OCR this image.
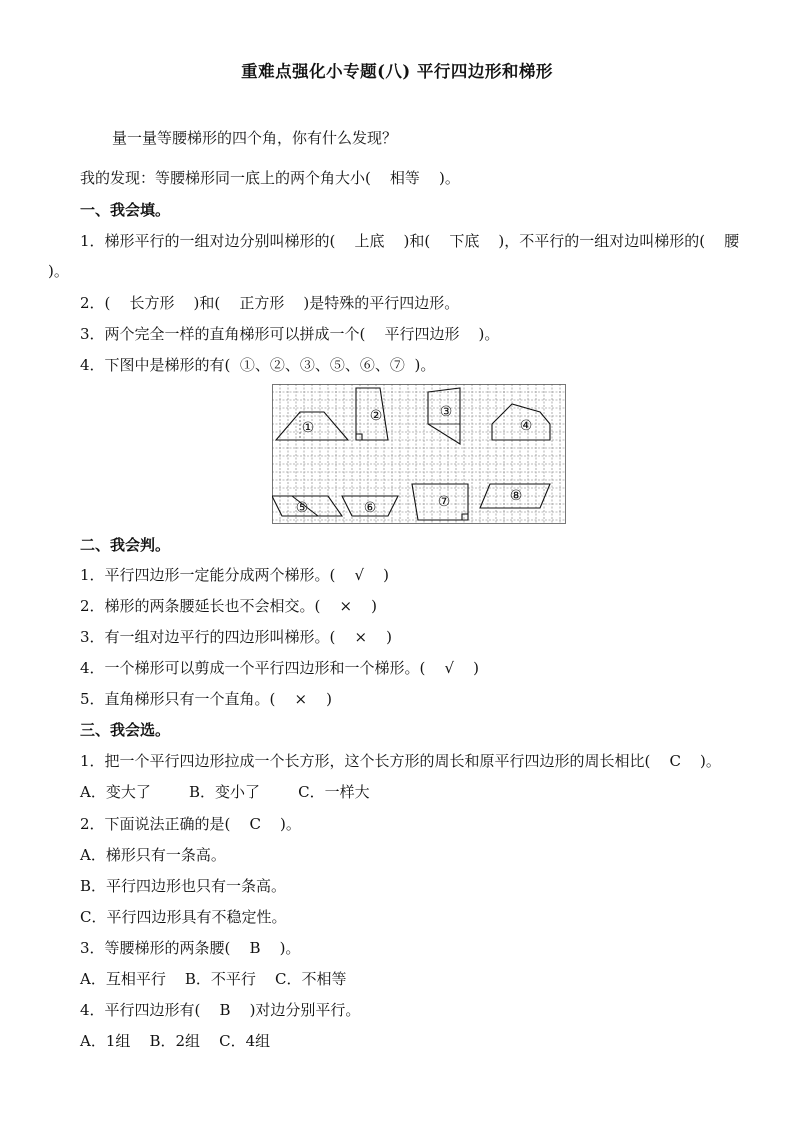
重难点强化小专题(八) 平行四边形和梯形
量一量等腰梯形的四个角，你有什么发现？
我的发现：等腰梯形同一底上的两个角大小(    相等    )。
一、我会填。
1．梯形平行的一组对边分别叫梯形的(    上底    )和(    下底    )，不平行的一组对边叫梯形的(    腰
)。
2．(    长方形    )和(    正方形    )是特殊的平行四边形。
3．两个完全一样的直角梯形可以拼成一个(    平行四边形    )。
4．下图中是梯形的有(  ①、②、③、⑤、⑥、⑦  )。
①
②	③
④
⑤	⑥	⑦	⑧
二、我会判。
1．平行四边形一定能分成两个梯形。(    √    )
2．梯形的两条腰延长也不会相交。(    ×    )
3．有一组对边平行的四边形叫梯形。(    ×    )
4．一个梯形可以剪成一个平行四边形和一个梯形。(    √    )
5．直角梯形只有一个直角。(    ×    )
三、我会选。
1．把一个平行四边形拉成一个长方形，这个长方形的周长和原平行四边形的周长相比(    C    )。
A．变大了        B．变小了        C．一样大
2．下面说法正确的是(    C    )。
A．梯形只有一条高。
B．平行四边形也只有一条高。
C．平行四边形具有不稳定性。
3．等腰梯形的两条腰(    B    )。
A．互相平行    B．不平行    C．不相等
4．平行四边形有(    B    )对边分别平行。
A．1组    B．2组    C．4组
